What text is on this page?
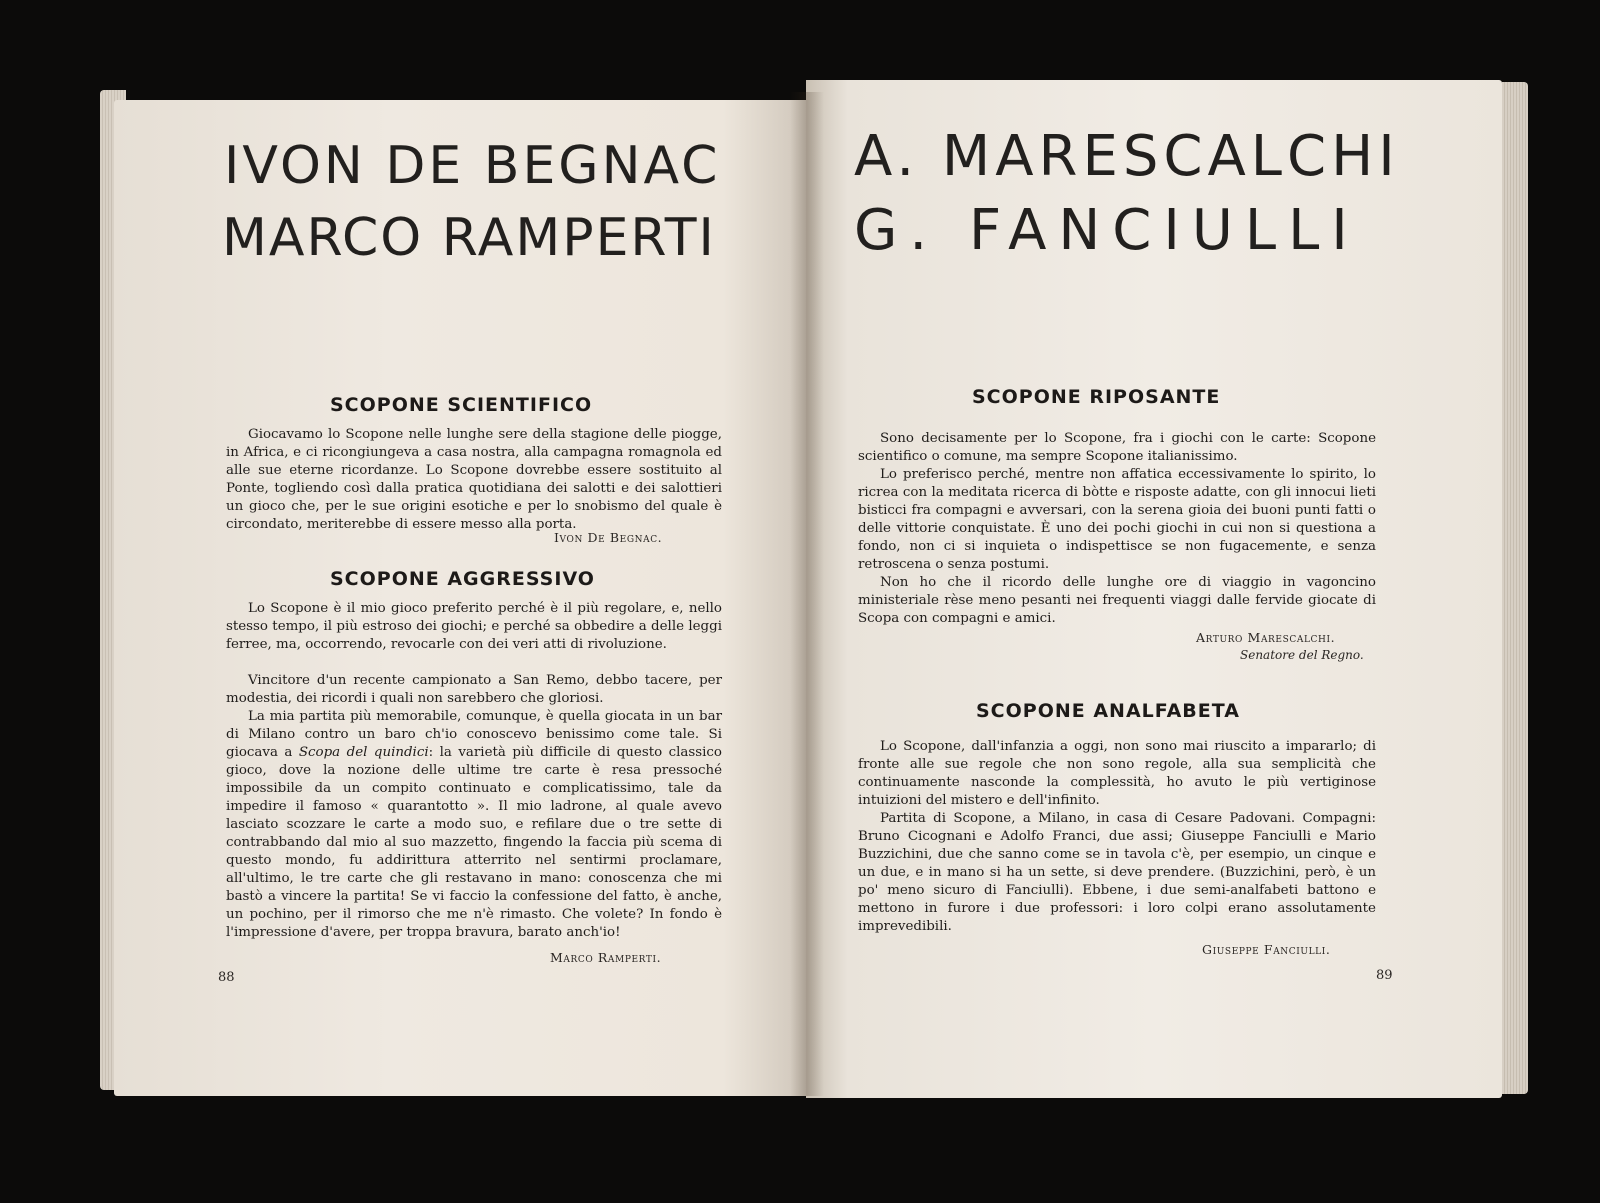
IVON DE BEGNAC
MARCO RAMPERTI
SCOPONE SCIENTIFICO

Giocavamo lo Scopone nelle lunghe sere della stagione delle piogge, in Africa, e ci ricongiungeva a casa nostra, alla campagna romagnola ed alle sue eterne ricordanze. Lo Scopone dovrebbe essere sostituito al Ponte, togliendo così dalla pratica quotidiana dei salotti e dei salottieri un gioco che, per le sue origini esotiche e per lo snobismo del quale è circondato, meriterebbe di essere messo alla porta.

Ivon De Begnac.

SCOPONE AGGRESSIVO

Lo Scopone è il mio gioco preferito perché è il più regolare, e, nello stesso tempo, il più estroso dei giochi; e perché sa obbedire a delle leggi ferree, ma, occorrendo, revocarle con dei veri atti di rivoluzione.

Vincitore d'un recente campionato a San Remo, debbo tacere, per modestia, dei ricordi i quali non sarebbero che gloriosi.

La mia partita più memorabile, comunque, è quella giocata in un bar di Milano contro un baro ch'io conoscevo benissimo come tale. Si giocava a Scopa del quindici: la varietà più difficile di questo classico gioco, dove la nozione delle ultime tre carte è resa pressoché impossibile da un compito continuato e complicatissimo, tale da impedire il famoso « quarantotto ». Il mio ladrone, al quale avevo lasciato scozzare le carte a modo suo, e refilare due o tre sette di contrabbando dal mio al suo mazzetto, fingendo la faccia più scema di questo mondo, fu addirittura atterrito nel sentirmi proclamare, all'ultimo, le tre carte che gli restavano in mano: conoscenza che mi bastò a vincere la partita! Se vi faccio la confessione del fatto, è anche, un pochino, per il rimorso che me n'è rimasto. Che volete? In fondo è l'impressione d'avere, per troppa bravura, barato anch'io!

Marco Ramperti.

88

A. MARESCALCHI
G. FANCIULLI
SCOPONE RIPOSANTE

Sono decisamente per lo Scopone, fra i giochi con le carte: Scopone scientifico o comune, ma sempre Scopone italianissimo.

Lo preferisco perché, mentre non affatica eccessivamente lo spirito, lo ricrea con la meditata ricerca di bòtte e risposte adatte, con gli innocui lieti bisticci fra compagni e avversari, con la serena gioia dei buoni punti fatti o delle vittorie conquistate. È uno dei pochi giochi in cui non si questiona a fondo, non ci si inquieta o indispettisce se non fugacemente, e senza retroscena o senza postumi.

Non ho che il ricordo delle lunghe ore di viaggio in vagoncino ministeriale rèse meno pesanti nei frequenti viaggi dalle fervide giocate di Scopa con compagni e amici.

Arturo Marescalchi.

Senatore del Regno.

SCOPONE ANALFABETA

Lo Scopone, dall'infanzia a oggi, non sono mai riuscito a impararlo; di fronte alle sue regole che non sono regole, alla sua semplicità che continuamente nasconde la complessità, ho avuto le più vertiginose intuizioni del mistero e dell'infinito.

Partita di Scopone, a Milano, in casa di Cesare Padovani. Compagni: Bruno Cicognani e Adolfo Franci, due assi; Giuseppe Fanciulli e Mario Buzzichini, due che sanno come se in tavola c'è, per esempio, un cinque e un due, e in mano si ha un sette, si deve prendere. (Buzzichini, però, è un po' meno sicuro di Fanciulli). Ebbene, i due semi-analfabeti battono e mettono in furore i due professori: i loro colpi erano assolutamente imprevedibili.

Giuseppe Fanciulli.

89
